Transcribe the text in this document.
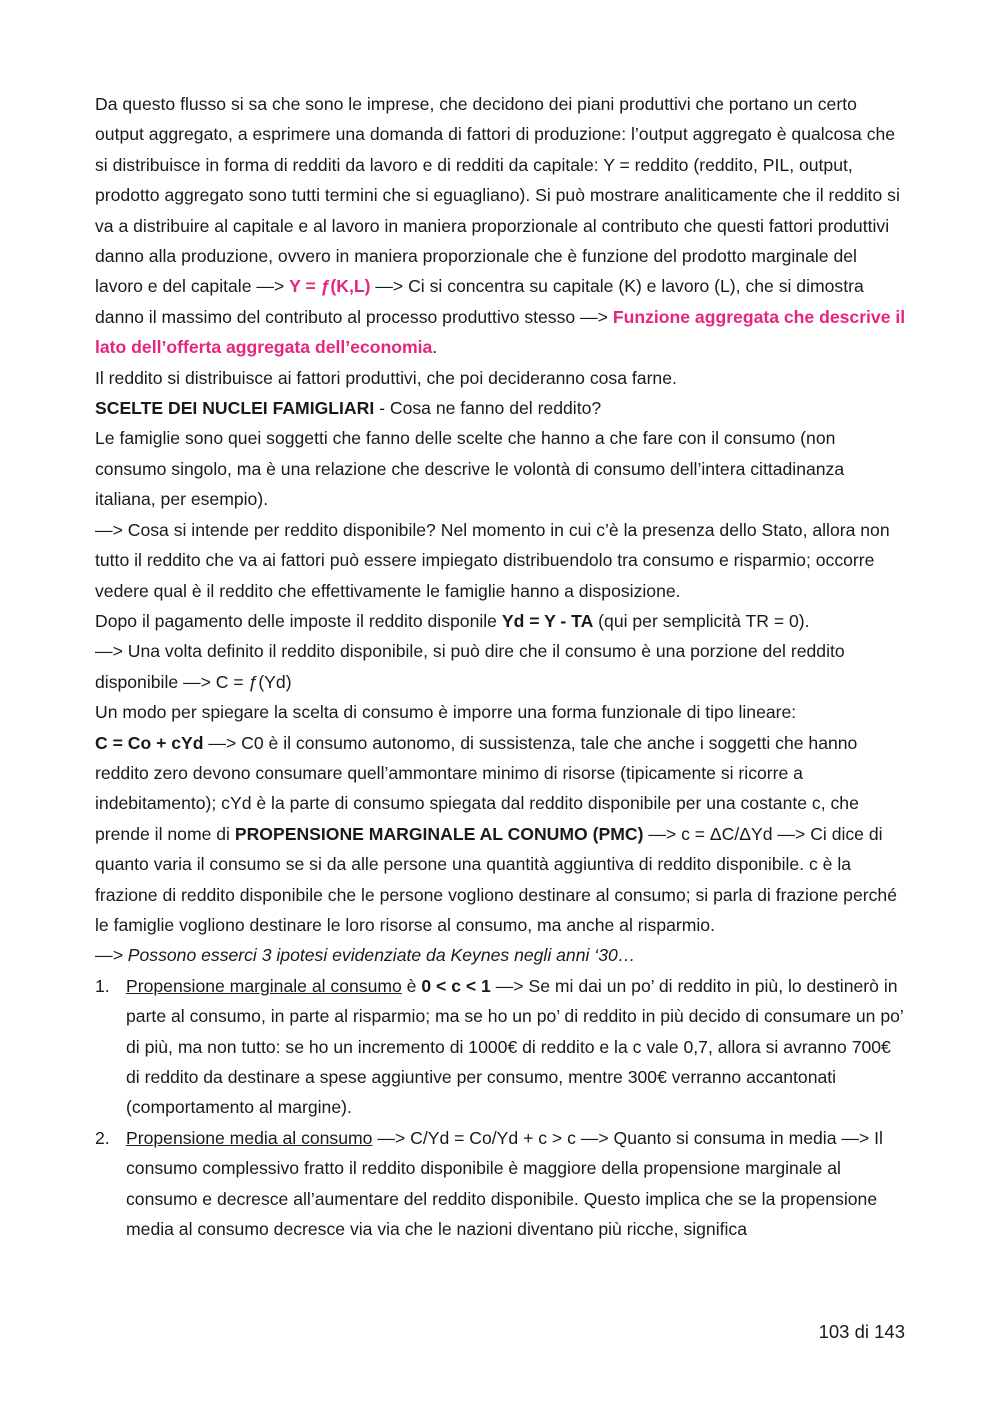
Da questo flusso si sa che sono le imprese, che decidono dei piani produttivi che portano un certo output aggregato, a esprimere una domanda di fattori di produzione: l’output aggregato è qualcosa che si distribuisce in forma di redditi da lavoro e di redditi da capitale: Y = reddito (reddito, PIL, output, prodotto aggregato sono tutti termini che si eguagliano). Si può mostrare analiticamente che il reddito si va a distribuire al capitale e al lavoro in maniera proporzionale al contributo che questi fattori produttivi danno alla produzione, ovvero in maniera proporzionale che è funzione del prodotto marginale del lavoro e del capitale —> Y = ƒ(K,L) —> Ci si concentra su capitale (K) e lavoro (L), che si dimostra danno il massimo del contributo al processo produttivo stesso —> Funzione aggregata che descrive il lato dell’offerta aggregata dell’economia.

Il reddito si distribuisce ai fattori produttivi, che poi decideranno cosa farne.

SCELTE DEI NUCLEI FAMIGLIARI - Cosa ne fanno del reddito?

Le famiglie sono quei soggetti che fanno delle scelte che hanno a che fare con il consumo (non consumo singolo, ma è una relazione che descrive le volontà di consumo dell’intera cittadinanza italiana, per esempio).

—> Cosa si intende per reddito disponibile? Nel momento in cui c’è la presenza dello Stato, allora non tutto il reddito che va ai fattori può essere impiegato distribuendolo tra consumo e risparmio; occorre vedere qual è il reddito che effettivamente le famiglie hanno a disposizione.

Dopo il pagamento delle imposte il reddito disponile Yd = Y - TA (qui per semplicità TR = 0).

—> Una volta definito il reddito disponibile, si può dire che il consumo è una porzione del reddito disponibile —> C = ƒ(Yd)

Un modo per spiegare la scelta di consumo è imporre una forma funzionale di tipo lineare:

C = Co + cYd —> C0 è il consumo autonomo, di sussistenza, tale che anche i soggetti che hanno reddito zero devono consumare quell’ammontare minimo di risorse (tipicamente si ricorre a indebitamento); cYd è la parte di consumo spiegata dal reddito disponibile per una costante c, che prende il nome di PROPENSIONE MARGINALE AL CONUMO (PMC) —> c = ΔC/ΔYd —> Ci dice di quanto varia il consumo se si da alle persone una quantità aggiuntiva di reddito disponibile. c è la frazione di reddito disponibile che le persone vogliono destinare al consumo; si parla di frazione perché le famiglie vogliono destinare le loro risorse al consumo, ma anche al risparmio.

—> Possono esserci 3 ipotesi evidenziate da Keynes negli anni ‘30…

1. Propensione marginale al consumo è 0 < c < 1 —> Se mi dai un po’ di reddito in più, lo destinerò in parte al consumo, in parte al risparmio; ma se ho un po’ di reddito in più decido di consumare un po’ di più, ma non tutto: se ho un incremento di 1000€ di reddito e la c vale 0,7, allora si avranno 700€ di reddito da destinare a spese aggiuntive per consumo, mentre 300€ verranno accantonati (comportamento al margine).
2. Propensione media al consumo —> C/Yd = Co/Yd + c > c —> Quanto si consuma in media —> Il consumo complessivo fratto il reddito disponibile è maggiore della propensione marginale al consumo e decresce all’aumentare del reddito disponibile. Questo implica che se la propensione media al consumo decresce via via che le nazioni diventano più ricche, significa
103 di 143
